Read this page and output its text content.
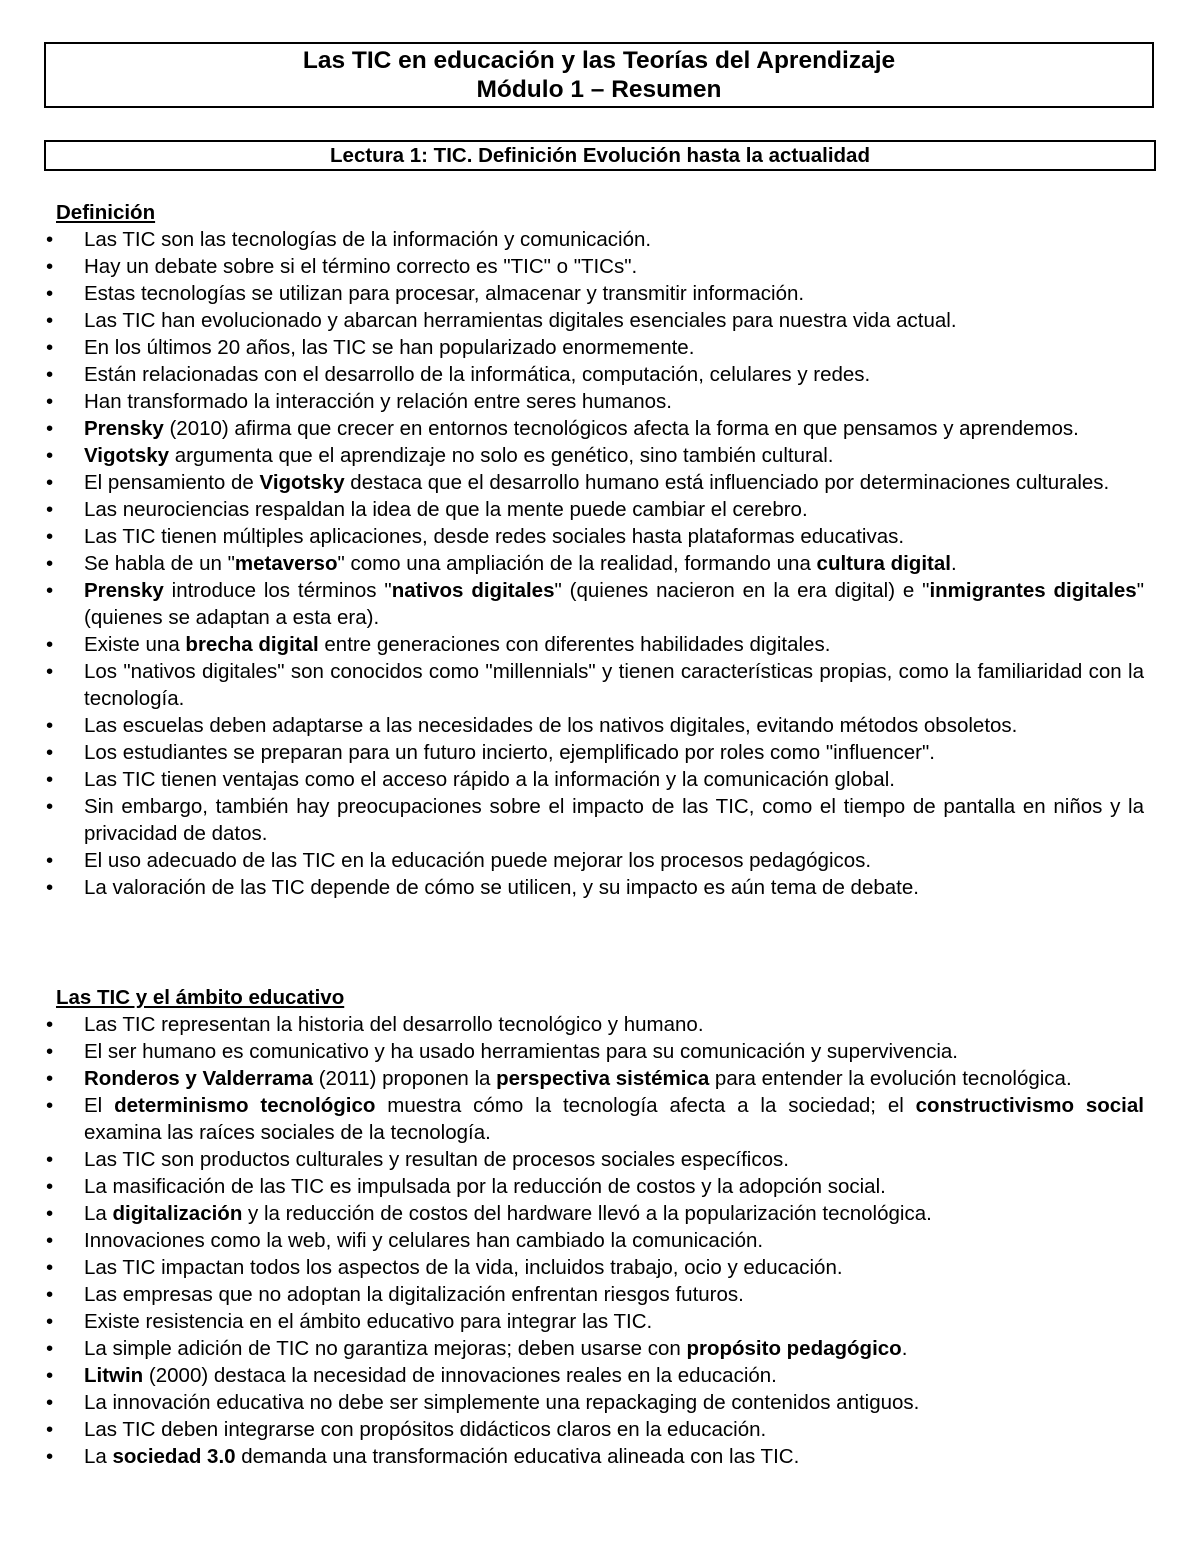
Las TIC en educación y las Teorías del Aprendizaje
Módulo 1 – Resumen
Lectura 1: TIC. Definición Evolución hasta la actualidad
Definición
• Las TIC son las tecnologías de la información y comunicación.
• Hay un debate sobre si el término correcto es "TIC" o "TICs".
• Estas tecnologías se utilizan para procesar, almacenar y transmitir información.
• Las TIC han evolucionado y abarcan herramientas digitales esenciales para nuestra vida actual.
• En los últimos 20 años, las TIC se han popularizado enormemente.
• Están relacionadas con el desarrollo de la informática, computación, celulares y redes.
• Han transformado la interacción y relación entre seres humanos.
• Prensky (2010) afirma que crecer en entornos tecnológicos afecta la forma en que pensamos y aprendemos.
• Vigotsky argumenta que el aprendizaje no solo es genético, sino también cultural.
• El pensamiento de Vigotsky destaca que el desarrollo humano está influenciado por determinaciones culturales.
• Las neurociencias respaldan la idea de que la mente puede cambiar el cerebro.
• Las TIC tienen múltiples aplicaciones, desde redes sociales hasta plataformas educativas.
• Se habla de un "metaverso" como una ampliación de la realidad, formando una cultura digital.
• Prensky introduce los términos "nativos digitales" (quienes nacieron en la era digital) e "inmigrantes digitales" (quienes se adaptan a esta era).
• Existe una brecha digital entre generaciones con diferentes habilidades digitales.
• Los "nativos digitales" son conocidos como "millennials" y tienen características propias, como la familiaridad con la tecnología.
• Las escuelas deben adaptarse a las necesidades de los nativos digitales, evitando métodos obsoletos.
• Los estudiantes se preparan para un futuro incierto, ejemplificado por roles como "influencer".
• Las TIC tienen ventajas como el acceso rápido a la información y la comunicación global.
• Sin embargo, también hay preocupaciones sobre el impacto de las TIC, como el tiempo de pantalla en niños y la privacidad de datos.
• El uso adecuado de las TIC en la educación puede mejorar los procesos pedagógicos.
• La valoración de las TIC depende de cómo se utilicen, y su impacto es aún tema de debate.
Las TIC y el ámbito educativo
• Las TIC representan la historia del desarrollo tecnológico y humano.
• El ser humano es comunicativo y ha usado herramientas para su comunicación y supervivencia.
• Ronderos y Valderrama (2011) proponen la perspectiva sistémica para entender la evolución tecnológica.
• El determinismo tecnológico muestra cómo la tecnología afecta a la sociedad; el constructivismo social examina las raíces sociales de la tecnología.
• Las TIC son productos culturales y resultan de procesos sociales específicos.
• La masificación de las TIC es impulsada por la reducción de costos y la adopción social.
• La digitalización y la reducción de costos del hardware llevó a la popularización tecnológica.
• Innovaciones como la web, wifi y celulares han cambiado la comunicación.
• Las TIC impactan todos los aspectos de la vida, incluidos trabajo, ocio y educación.
• Las empresas que no adoptan la digitalización enfrentan riesgos futuros.
• Existe resistencia en el ámbito educativo para integrar las TIC.
• La simple adición de TIC no garantiza mejoras; deben usarse con propósito pedagógico.
• Litwin (2000) destaca la necesidad de innovaciones reales en la educación.
• La innovación educativa no debe ser simplemente una repackaging de contenidos antiguos.
• Las TIC deben integrarse con propósitos didácticos claros en la educación.
• La sociedad 3.0 demanda una transformación educativa alineada con las TIC.
